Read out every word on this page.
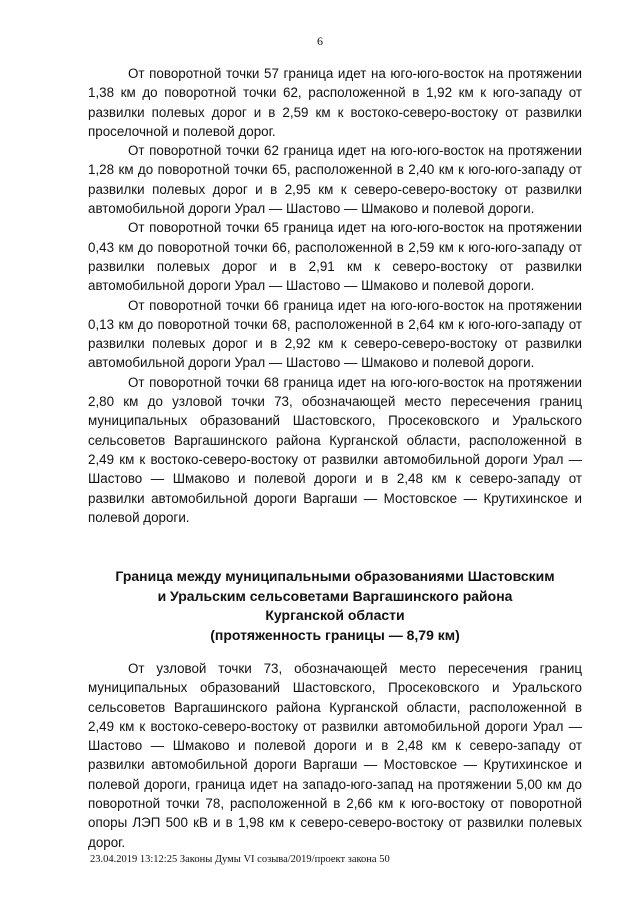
6

От поворотной точки 57 граница идет на юго-юго-восток на протяжении 1,38 км до поворотной точки 62, расположенной в 1,92 км к юго-западу от развилки полевых дорог и в 2,59 км к востоко-северо-востоку от развилки проселочной и полевой дорог.

От поворотной точки 62 граница идет на юго-юго-восток на протяжении 1,28 км до поворотной точки 65, расположенной в 2,40 км к юго-юго-западу от развилки полевых дорог и в 2,95 км к северо-северо-востоку от развилки автомобильной дороги Урал — Шастово — Шмаково и полевой дороги.

От поворотной точки 65 граница идет на юго-юго-восток на протяжении 0,43 км до поворотной точки 66, расположенной в 2,59 км к юго-юго-западу от развилки полевых дорог и в 2,91 км к северо-востоку от развилки автомобильной дороги Урал — Шастово — Шмаково и полевой дороги.

От поворотной точки 66 граница идет на юго-юго-восток на протяжении 0,13 км до поворотной точки 68, расположенной в 2,64 км к юго-юго-западу от развилки полевых дорог и в 2,92 км к северо-северо-востоку от развилки автомобильной дороги Урал — Шастово — Шмаково и полевой дороги.

От поворотной точки 68 граница идет на юго-юго-восток на протяжении 2,80 км до узловой точки 73, обозначающей место пересечения границ муниципальных образований Шастовского, Просековского и Уральского сельсоветов Варгашинского района Курганской области, расположенной в 2,49 км к востоко-северо-востоку от развилки автомобильной дороги Урал — Шастово — Шмаково и полевой дороги и в 2,48 км к северо-западу от развилки автомобильной дороги Варгаши — Мостовское — Крутихинское и полевой дороги.

Граница между муниципальными образованиями Шастовским
и Уральским сельсоветами Варгашинского района
Курганской области
(протяженность границы — 8,79 км)

От узловой точки 73, обозначающей место пересечения границ муниципальных образований Шастовского, Просековского и Уральского сельсоветов Варгашинского района Курганской области, расположенной в 2,49 км к востоко-северо-востоку от развилки автомобильной дороги Урал — Шастово — Шмаково и полевой дороги и в 2,48 км к северо-западу от развилки автомобильной дороги Варгаши — Мостовское — Крутихинское и полевой дороги, граница идет на западо-юго-запад на протяжении 5,00 км до поворотной точки 78, расположенной в 2,66 км к юго-востоку от поворотной опоры ЛЭП 500 кВ и в 1,98 км к северо-северо-востоку от развилки полевых дорог.

23.04.2019 13:12:25 Законы Думы VI созыва/2019/проект закона 50
